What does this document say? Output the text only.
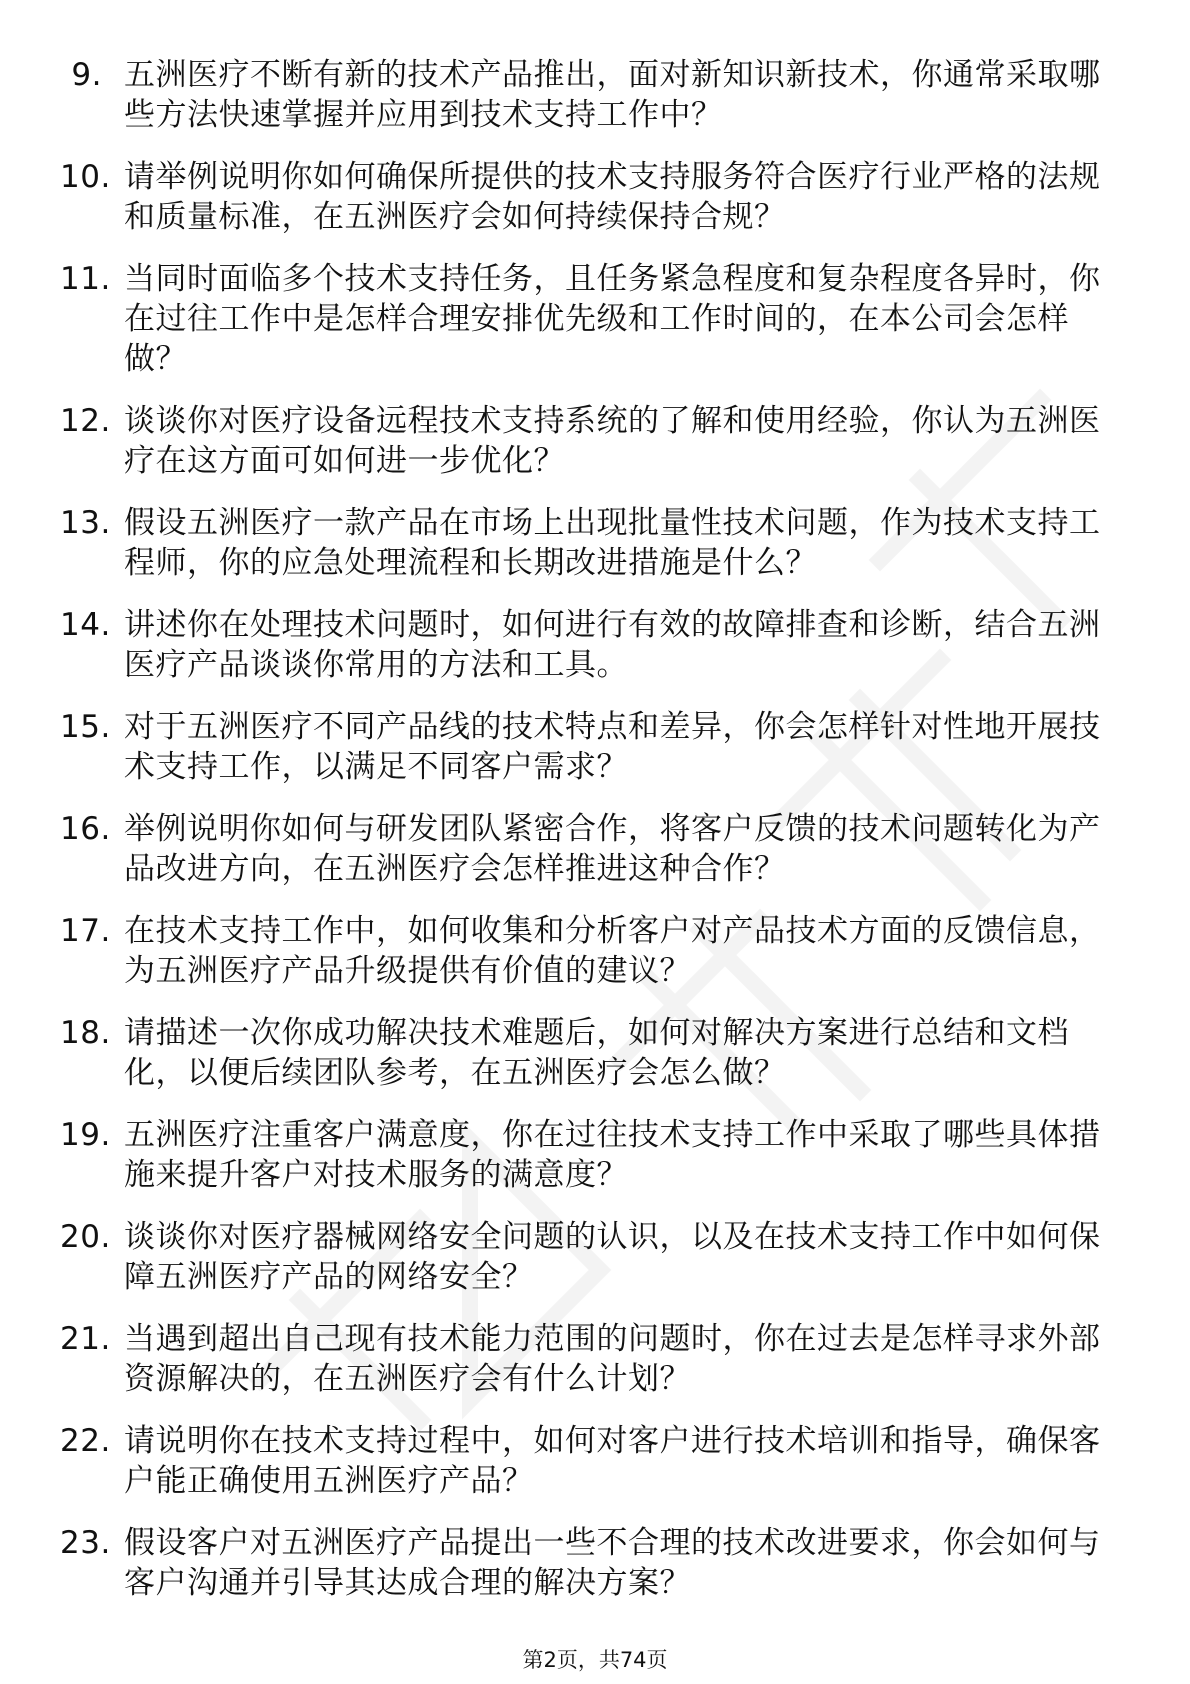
9. 五洲医疗不断有新的技术产品推出，面对新知识新技术，你通常采取哪些方法快速掌握并应用到技术支持工作中？
10. 请举例说明你如何确保所提供的技术支持服务符合医疗行业严格的法规和质量标准，在五洲医疗会如何持续保持合规？
11. 当同时面临多个技术支持任务，且任务紧急程度和复杂程度各异时，你在过往工作中是怎样合理安排优先级和工作时间的，在本公司会怎样做？
12. 谈谈你对医疗设备远程技术支持系统的了解和使用经验，你认为五洲医疗在这方面可如何进一步优化？
13. 假设五洲医疗一款产品在市场上出现批量性技术问题，作为技术支持工程师，你的应急处理流程和长期改进措施是什么？
14. 讲述你在处理技术问题时，如何进行有效的故障排查和诊断，结合五洲医疗产品谈谈你常用的方法和工具。
15. 对于五洲医疗不同产品线的技术特点和差异，你会怎样针对性地开展技术支持工作，以满足不同客户需求？
16. 举例说明你如何与研发团队紧密合作，将客户反馈的技术问题转化为产品改进方向，在五洲医疗会怎样推进这种合作？
17. 在技术支持工作中，如何收集和分析客户对产品技术方面的反馈信息，为五洲医疗产品升级提供有价值的建议？
18. 请描述一次你成功解决技术难题后，如何对解决方案进行总结和文档化，以便后续团队参考，在五洲医疗会怎么做？
19. 五洲医疗注重客户满意度，你在过往技术支持工作中采取了哪些具体措施来提升客户对技术服务的满意度？
20. 谈谈你对医疗器械网络安全问题的认识，以及在技术支持工作中如何保障五洲医疗产品的网络安全？
21. 当遇到超出自己现有技术能力范围的问题时，你在过去是怎样寻求外部资源解决的，在五洲医疗会有什么计划？
22. 请说明你在技术支持过程中，如何对客户进行技术培训和指导，确保客户能正确使用五洲医疗产品？
23. 假设客户对五洲医疗产品提出一些不合理的技术改进要求，你会如何与客户沟通并引导其达成合理的解决方案？
第2页，共74页
